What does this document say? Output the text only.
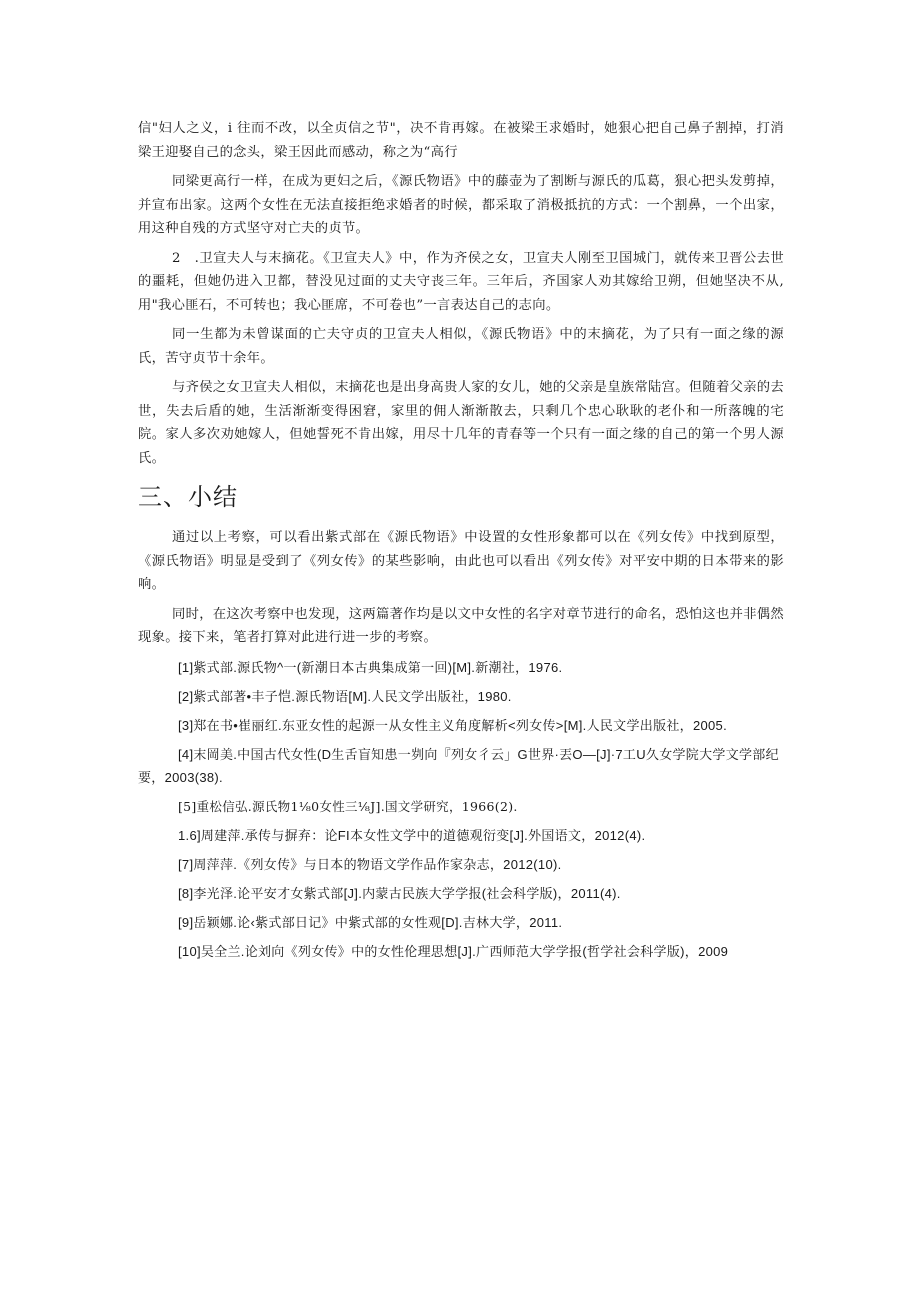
信"妇人之义，i 往而不改，以全贞信之节"，决不肯再嫁。在被梁王求婚时，她狠心把自己鼻子割掉，打消梁王迎娶自己的念头，梁王因此而感动，称之为“高行

同梁更高行一样，在成为更妇之后，《源氏物语》中的藤壶为了割断与源氏的瓜葛，狠心把头发剪掉，并宣布出家。这两个女性在无法直接拒绝求婚者的时候，都采取了消极抵抗的方式：一个割鼻，一个出家，用这种自残的方式坚守对亡夫的贞节。

2　.卫宣夫人与末摘花。《卫宣夫人》中，作为齐侯之女，卫宣夫人刚至卫国城门，就传来卫晋公去世的噩耗，但她仍进入卫都，替没见过面的丈夫守丧三年。三年后，齐国家人劝其嫁给卫朔，但她坚决不从,用"我心匪石，不可转也；我心匪席，不可卷也”一言表达自己的志向。

同一生都为未曾谋面的亡夫守贞的卫宣夫人相似，《源氏物语》中的末摘花，为了只有一面之缘的源氏，苦守贞节十余年。

与齐侯之女卫宣夫人相似，末摘花也是出身高贵人家的女儿，她的父亲是皇族常陆宫。但随着父亲的去世，失去后盾的她，生活渐渐变得困窘，家里的佣人渐渐散去，只剩几个忠心耿耿的老仆和一所落魄的宅院。家人多次劝她嫁人，但她誓死不肯出嫁，用尽十几年的青春等一个只有一面之缘的自己的第一个男人源氏。

三、小结

通过以上考察，可以看出紫式部在《源氏物语》中设置的女性形象都可以在《列女传》中找到原型，《源氏物语》明显是受到了《列女传》的某些影响，由此也可以看出《列女传》对平安中期的日本带来的影响。

同时，在这次考察中也发现，这两篇著作均是以文中女性的名字对章节进行的命名，恐怕这也并非偶然现象。接下来，笔者打算对此进行进一步的考察。

[1]紫式部.源氏物^一(新潮日本古典集成第一回)[M].新潮社，1976.

[2]紫式部著•丰子恺.源氏物语[M].人民文学出版社，1980.

[3]郑在书•崔丽红.东亚女性的起源一从女性主义角度解析<列女传>[M].人民文学出版社，2005.

[4]末岡美.中国古代女性(D生舌盲知患一刿向『列女彳云」G世界·丟O—[J]·7工U久女学院大学文学部纪要，2003(38).

[5]重松信弘.源氏物1⅛0女性三⅛J].国文学研究，1966(2).

1.6]周建萍.承传与摒弃：论FI本女性文学中的道德观衍变[J].外国语文，2012(4).

[7]周萍萍.《列女传》与日本的物语文学作品作家杂志，2012(10).

[8]李光泽.论平安才女紫式部[J].内蒙古民族大学学报(社会科学版)，2011(4).

[9]岳颖娜.论‹紫式部日记》中紫式部的女性观[D].吉林大学，2011.

[10]吴全兰.论刘向《列女传》中的女性伦理思想[J].广西师范大学学报(哲学社会科学版)，2009
